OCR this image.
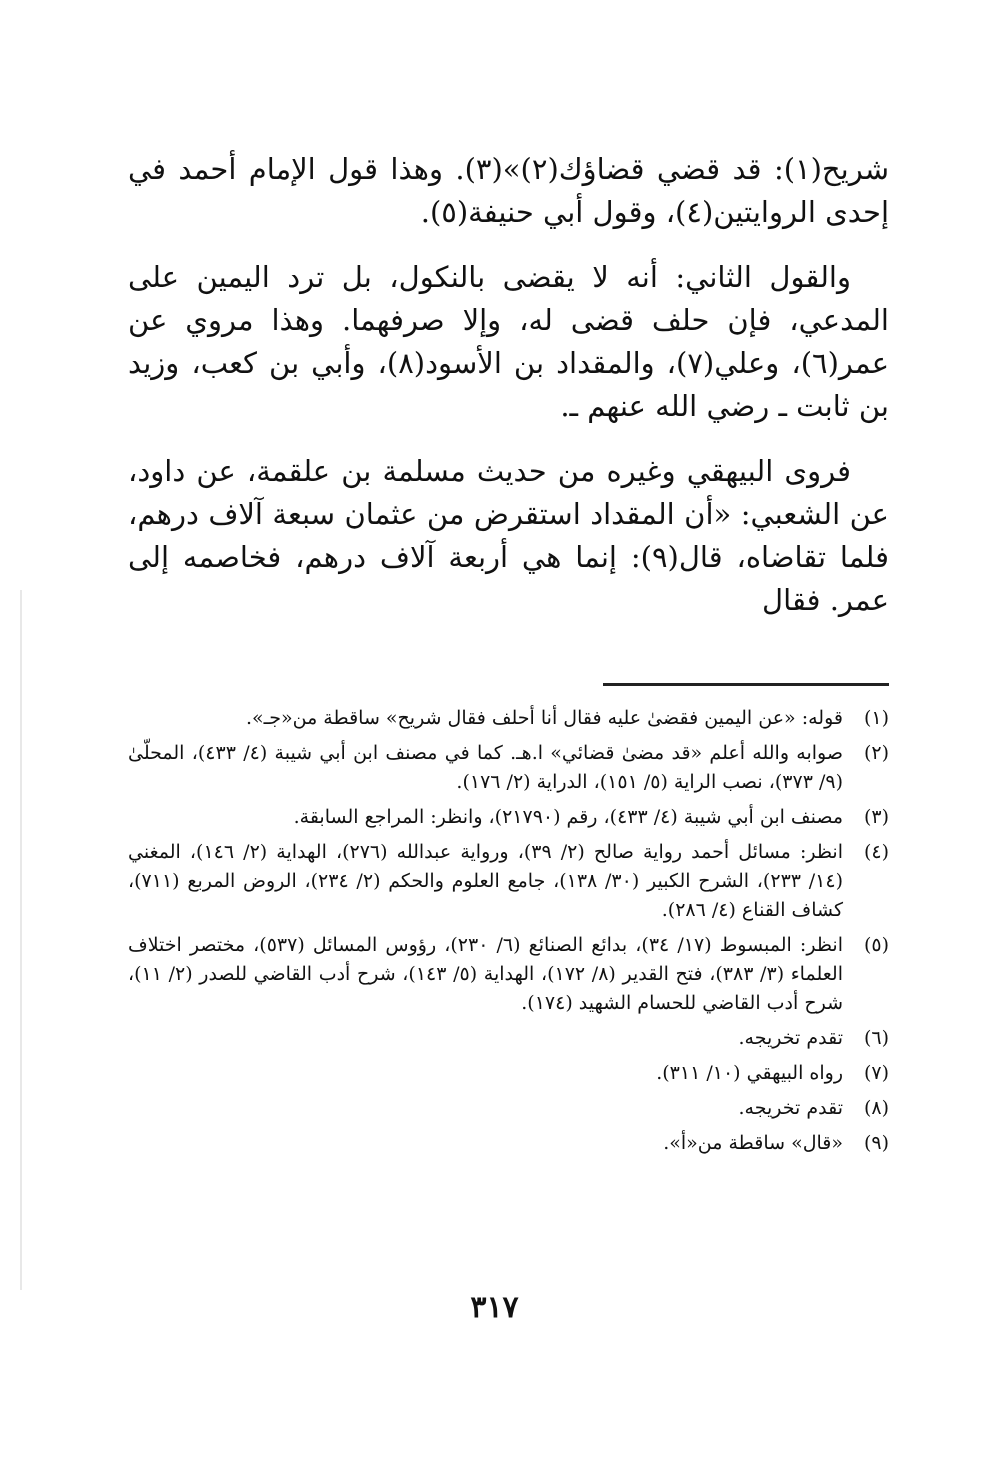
شريح(١): قد قضي قضاؤك(٢)»(٣). وهذا قول الإمام أحمد في إحدى الروايتين(٤)، وقول أبي حنيفة(٥).

والقول الثاني: أنه لا يقضى بالنكول، بل ترد اليمين على المدعي، فإن حلف قضى له، وإلا صرفهما. وهذا مروي عن عمر(٦)، وعلي(٧)، والمقداد بن الأسود(٨)، وأبي بن كعب، وزيد بن ثابت ـ رضي الله عنهم ـ.

فروى البيهقي وغيره من حديث مسلمة بن علقمة، عن داود، عن الشعبي: «أن المقداد استقرض من عثمان سبعة آلاف درهم، فلما تقاضاه، قال(٩): إنما هي أربعة آلاف درهم، فخاصمه إلى عمر. فقال

(١)
قوله: «عن اليمين فقضىٰ عليه فقال أنا أحلف فقال شريح» ساقطة من«جـ».
(٢)
صوابه والله أعلم «قد مضىٰ قضائي» ا.هـ. كما في مصنف ابن أبي شيبة (٤/ ٤٣٣)، المحلّىٰ (٩/ ٣٧٣)، نصب الراية (٥/ ١٥١)، الدراية (٢/ ١٧٦).
(٣)
مصنف ابن أبي شيبة (٤/ ٤٣٣)، رقم (٢١٧٩٠)، وانظر: المراجع السابقة.
(٤)
انظر: مسائل أحمد رواية صالح (٢/ ٣٩)، ورواية عبدالله (٢٧٦)، الهداية (٢/ ١٤٦)، المغني (١٤/ ٢٣٣)، الشرح الكبير (٣٠/ ١٣٨)، جامع العلوم والحكم (٢/ ٢٣٤)، الروض المربع (٧١١)، كشاف القناع (٤/ ٢٨٦).
(٥)
انظر: المبسوط (١٧/ ٣٤)، بدائع الصنائع (٦/ ٢٣٠)، رؤوس المسائل (٥٣٧)، مختصر اختلاف العلماء (٣/ ٣٨٣)، فتح القدير (٨/ ١٧٢)، الهداية (٥/ ١٤٣)، شرح أدب القاضي للصدر (٢/ ١١)، شرح أدب القاضي للحسام الشهيد (١٧٤).
(٦)
تقدم تخريجه.
(٧)
رواه البيهقي (١٠/ ٣١١).
(٨)
تقدم تخريجه.
(٩)
«قال» ساقطة من«أ».
٣١٧
